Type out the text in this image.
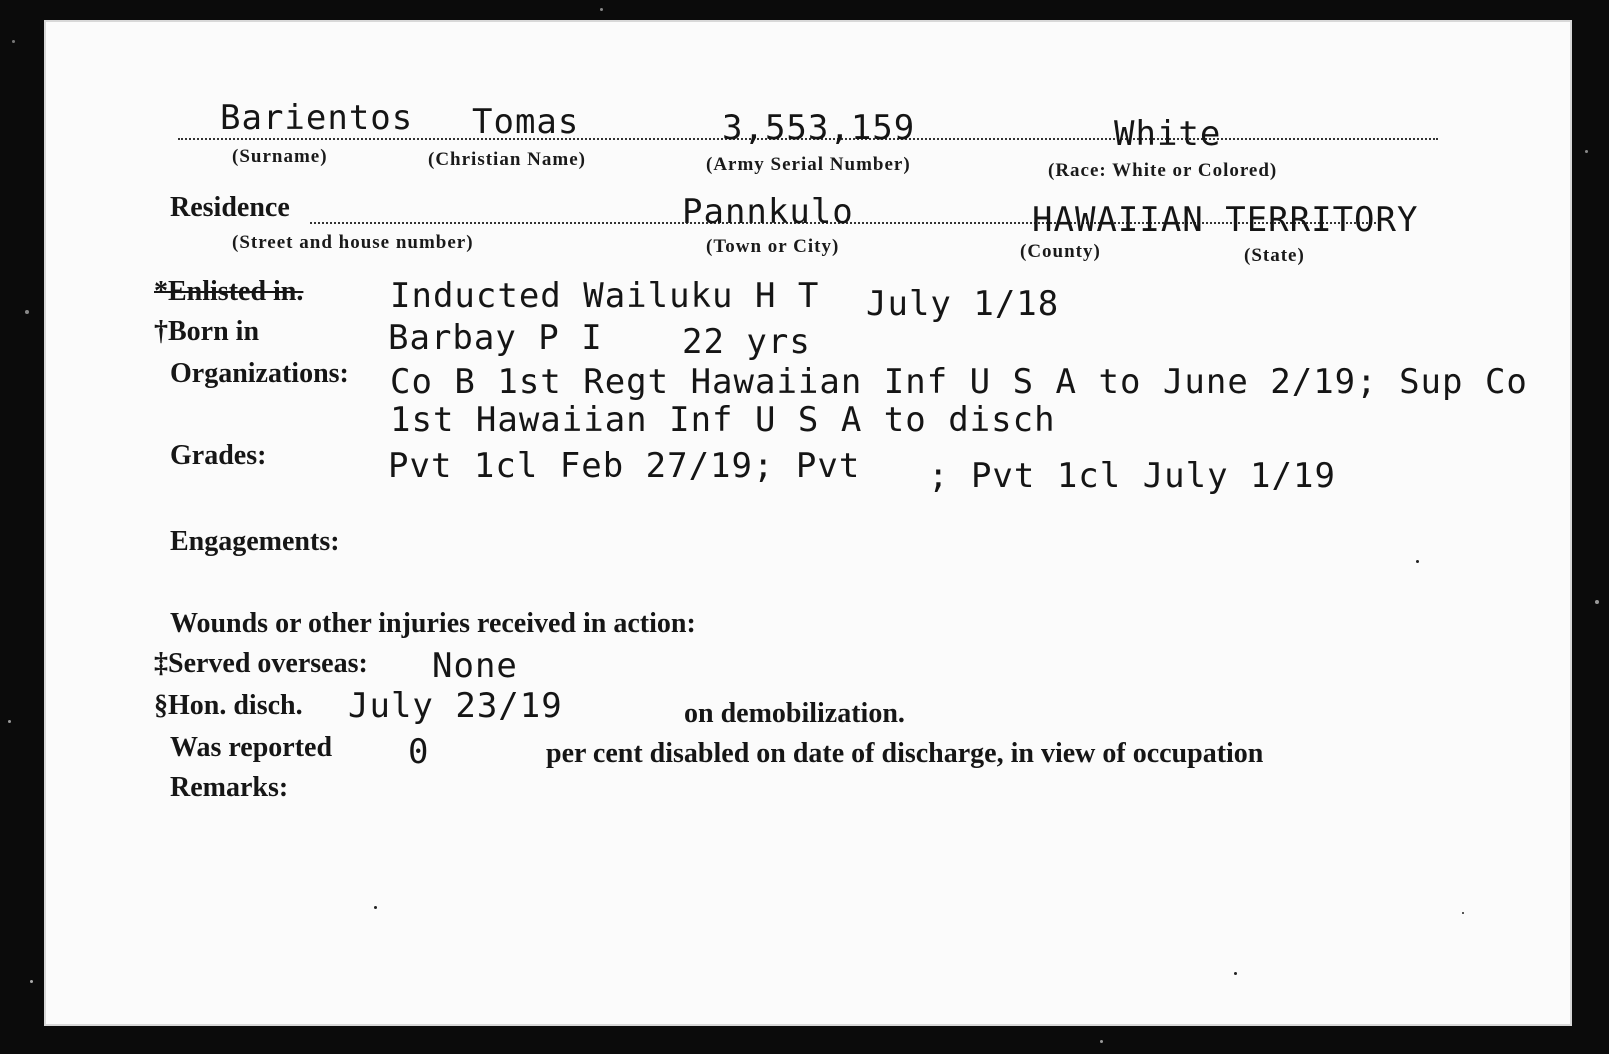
Barientos Tomas	3,553,159	White
(Surname)	(Christian Name)	(Army Serial Number)	(Race: White or Colored)
Residence	Pannkulo	HAWAIIAN TERRITORY
(Street and house number)	(Town or City)	(County)	(State)
*Enlisted in.	Inducted Wailuku H T July 1/18
†Born in	Barbay P I 22 yrs
Organizations: Co B 1st Regt Hawaiian Inf U S A to June 2/19; Sup Co
1st Hawaiian Inf U S A to disch
Grades:	Pvt 1cl Feb 27/19; Pvt ; Pvt 1cl July 1/19
Engagements:
Wounds or other injuries received in action:
‡Served overseas: None
§Hon. disch. July 23/19	on demobilization.
Was reported 0	per cent disabled on date of discharge, in view of occupation
Remarks:
